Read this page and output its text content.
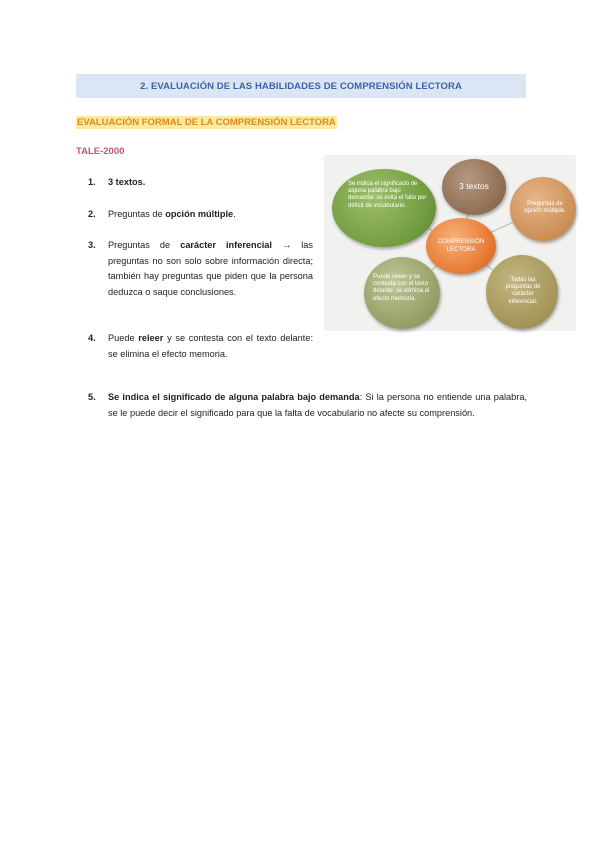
2. EVALUACIÓN DE LAS HABILIDADES DE COMPRENSIÓN LECTORA
EVALUACIÓN FORMAL DE LA COMPRENSIÓN LECTORA
TALE-2000
1. 3 textos.
2. Preguntas de opción múltiple.
3. Preguntas de carácter inferencial → las preguntas no son solo sobre información directa; también hay preguntas que piden que la persona deduzca o saque conclusiones.
4. Puede releer y se contesta con el texto delante: se elimina el efecto memoria.
5. Se indica el significado de alguna palabra bajo demanda: Si la persona no entiende una palabra, se le puede decir el significado para que la falta de vocabulario no afecte su comprensión.
Se indica el significado de alguna palabra bajo demanda: se evita el fallo por déficit de vocabulario.
3 textos
Preguntas de opción múltiple.
Puede releer y se contesta con el texto delante: se elimina el efecto memoria.
Todas las preguntas de carácter inferencial.
COMPRENSIÓN LECTORA
